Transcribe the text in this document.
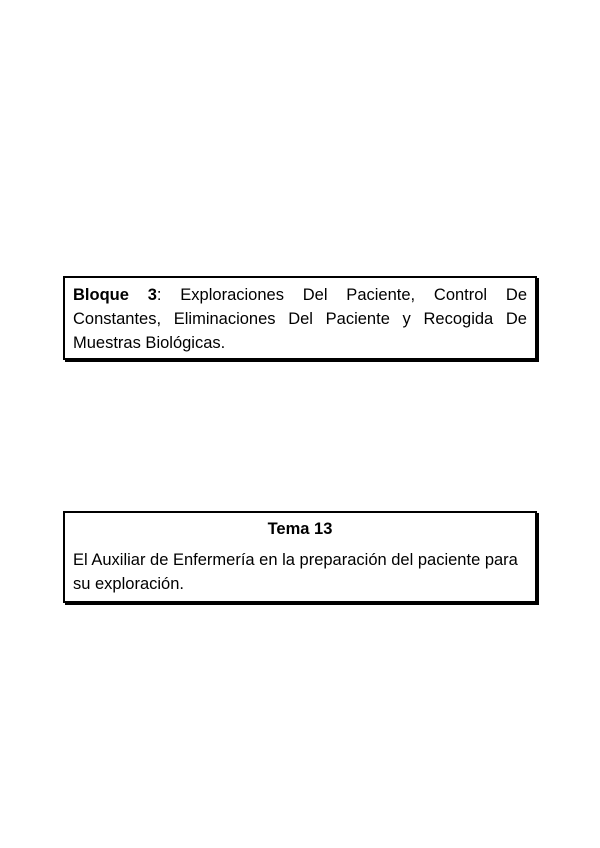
Bloque 3: Exploraciones Del Paciente, Control De Constantes, Eliminaciones Del Paciente y Recogida De Muestras Biológicas.
Tema 13
El Auxiliar de Enfermería en la preparación del paciente para su exploración.
